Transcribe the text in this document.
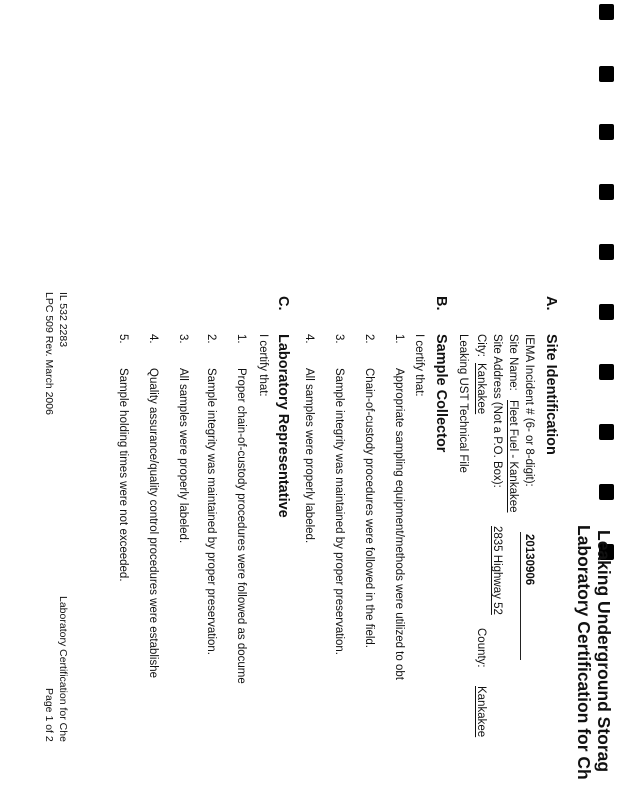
Leaking Underground Storag
Laboratory Certification for Ch
A.
Site Identification
IEMA Incident # (6- or 8-digit):
20130906
Site Name:
Fleet Fuel - Kankakee
Site Address (Not a P.O. Box):
2835 Highway 52
City:
Kankakee
County:
Kankakee
Leaking UST Technical File
B.
Sample Collector
I certify that:
1.
Appropriate sampling equipment/methods were utilized to obt
2.
Chain-of-custody procedures were followed in the field.
3.
Sample integrity was maintained by proper preservation.
4.
All samples were properly labeled.
C.
Laboratory Representative
I certify that:
1.
Proper chain-of-custody procedures were followed as docume
2.
Sample integrity was maintained by proper preservation.
3.
All samples were properly labeled.
4.
Quality assurance/quality control procedures were establishe
5.
Sample holding times were not exceeded.
IL 532 2283
LPC 509 Rev. March 2006
Laboratory Certification for Che
Page 1 of 2
